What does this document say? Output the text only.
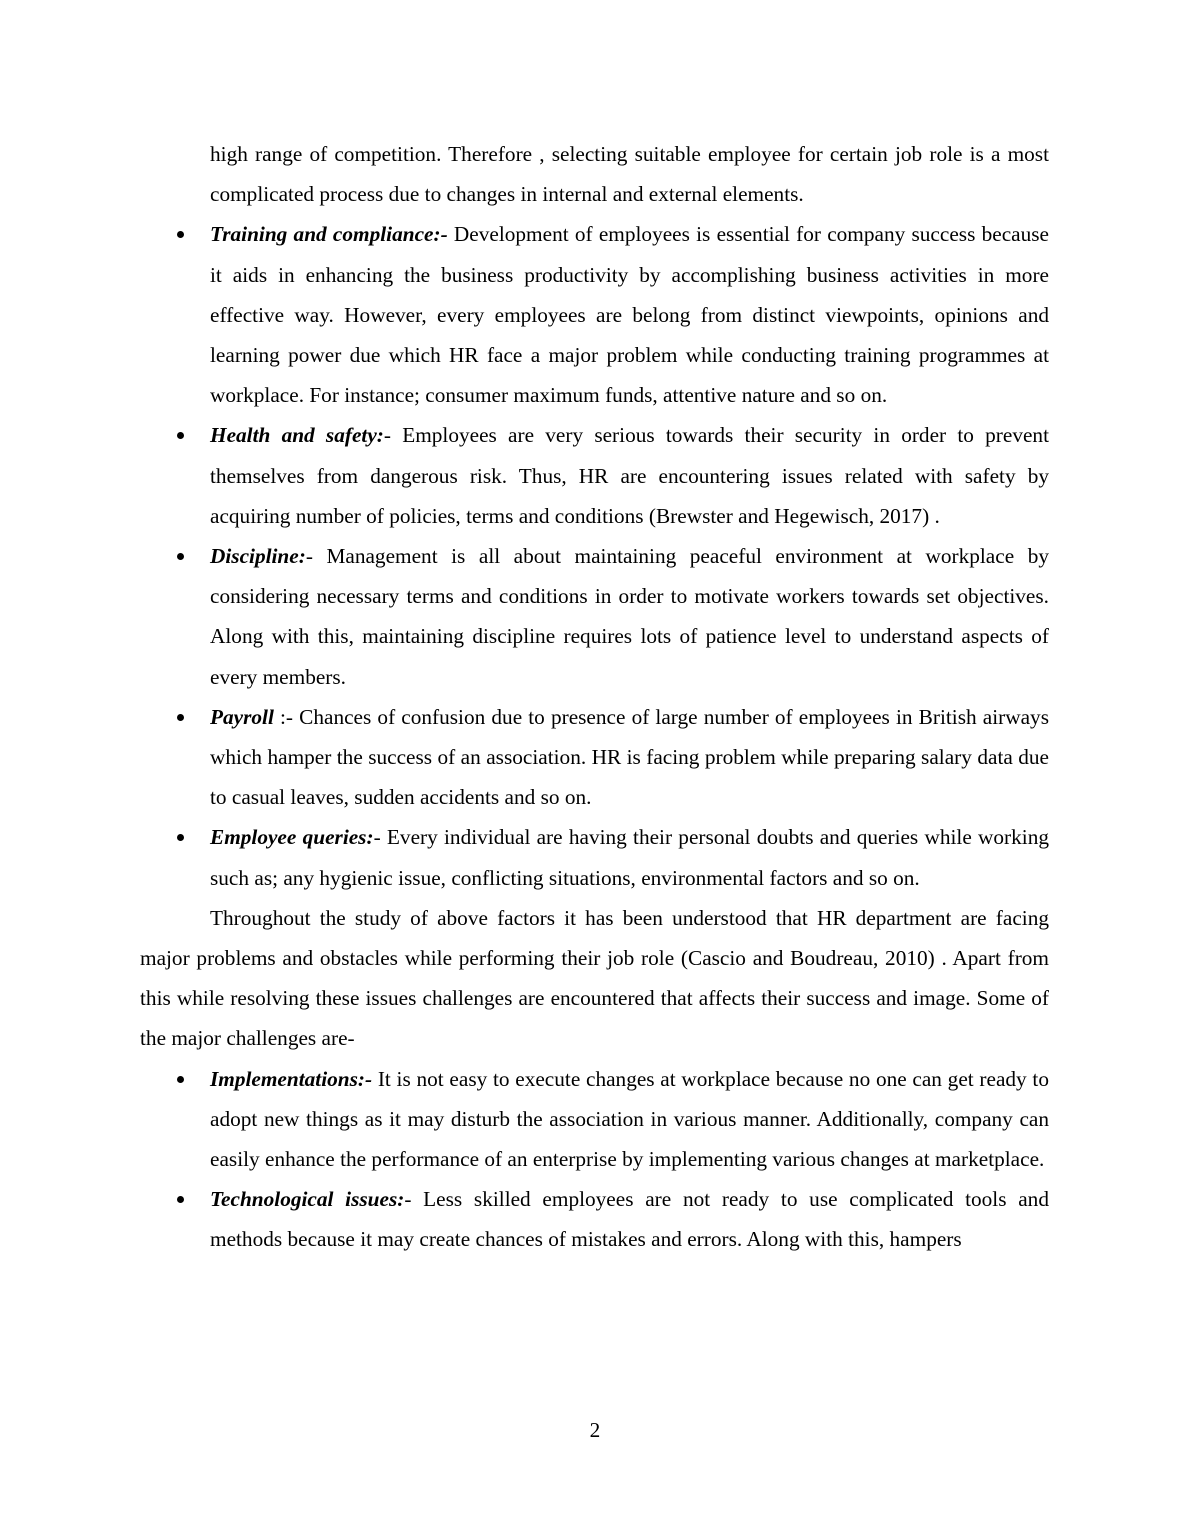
high range of competition. Therefore , selecting suitable employee for certain job role is a most complicated process due to changes in internal and external elements.
Training and compliance:- Development of employees is essential for company success because it aids in enhancing the business productivity by accomplishing business activities in more effective way. However, every employees are belong from distinct viewpoints, opinions and learning power due which HR face a major problem while conducting training programmes at workplace. For instance; consumer maximum funds, attentive nature and so on.
Health and safety:- Employees are very serious towards their security in order to prevent themselves from dangerous risk. Thus, HR are encountering issues related with safety by acquiring number of policies, terms and conditions (Brewster and Hegewisch, 2017) .
Discipline:- Management is all about maintaining peaceful environment at workplace by considering necessary terms and conditions in order to motivate workers towards set objectives. Along with this, maintaining discipline requires lots of patience level to understand aspects of every members.
Payroll :- Chances of confusion due to presence of large number of employees in British airways which hamper the success of an association. HR is facing problem while preparing salary data due to casual leaves, sudden accidents and so on.
Employee queries:- Every individual are having their personal doubts and queries while working such as; any hygienic issue, conflicting situations, environmental factors and so on.
Throughout the study of above factors it has been understood that HR department are facing major problems and obstacles while performing their job role (Cascio and Boudreau, 2010) . Apart from this while resolving these issues challenges are encountered that affects their success and image. Some of the major challenges are-
Implementations:- It is not easy to execute changes at workplace because no one can get ready to adopt new things as it may disturb the association in various manner. Additionally, company can easily enhance the performance of an enterprise by implementing various changes at marketplace.
Technological issues:- Less skilled employees are not ready to use complicated tools and methods because it may create chances of mistakes and errors. Along with this, hampers
2
